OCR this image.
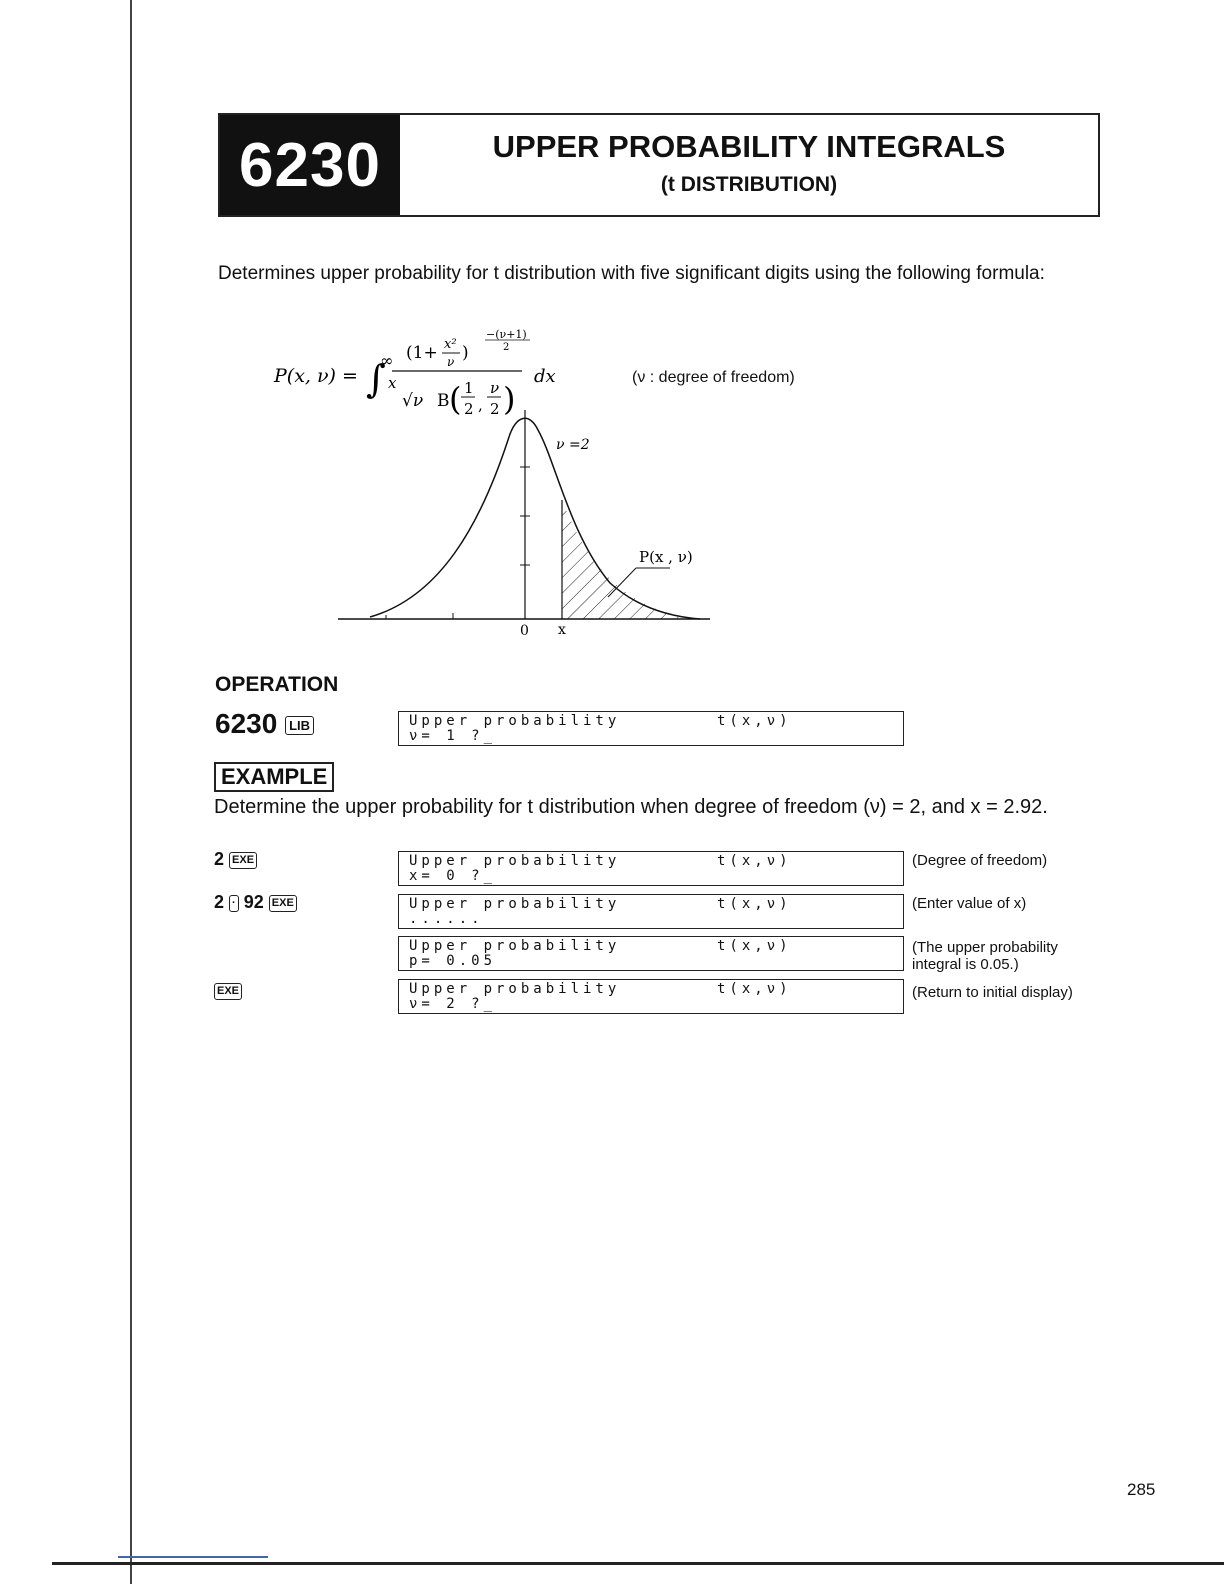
6230	UPPER PROBABILITY INTEGRALS
(t DISTRIBUTION)
Determines upper probability for t distribution with five significant digits using the following formula:
P(x, ν) = ∫
∞
x
(1+ x²
ν )
−(ν+1)
2
√ν B ( 1
2 ,
ν
2 )
dx	(ν : degree of freedom)
ν =2
P(x , ν)
0 x
OPERATION
6230 LIB	Upper probability	t(x,ν)
ν= 1 ?_
EXAMPLE
Determine the upper probability for t distribution when degree of freedom (ν) = 2, and x = 2.92.
2 EXE	Upper probability	t(x,ν)
x= 0 ?_
(Degree of freedom)
2 · 92 EXE	Upper probability	t(x,ν)
......
(Enter value of x)
Upper probability	t(x,ν)
p= 0.05
(The upper probability
integral is 0.05.)
EXE	Upper probability	t(x,ν)
ν= 2 ?_
(Return to initial display)
285
